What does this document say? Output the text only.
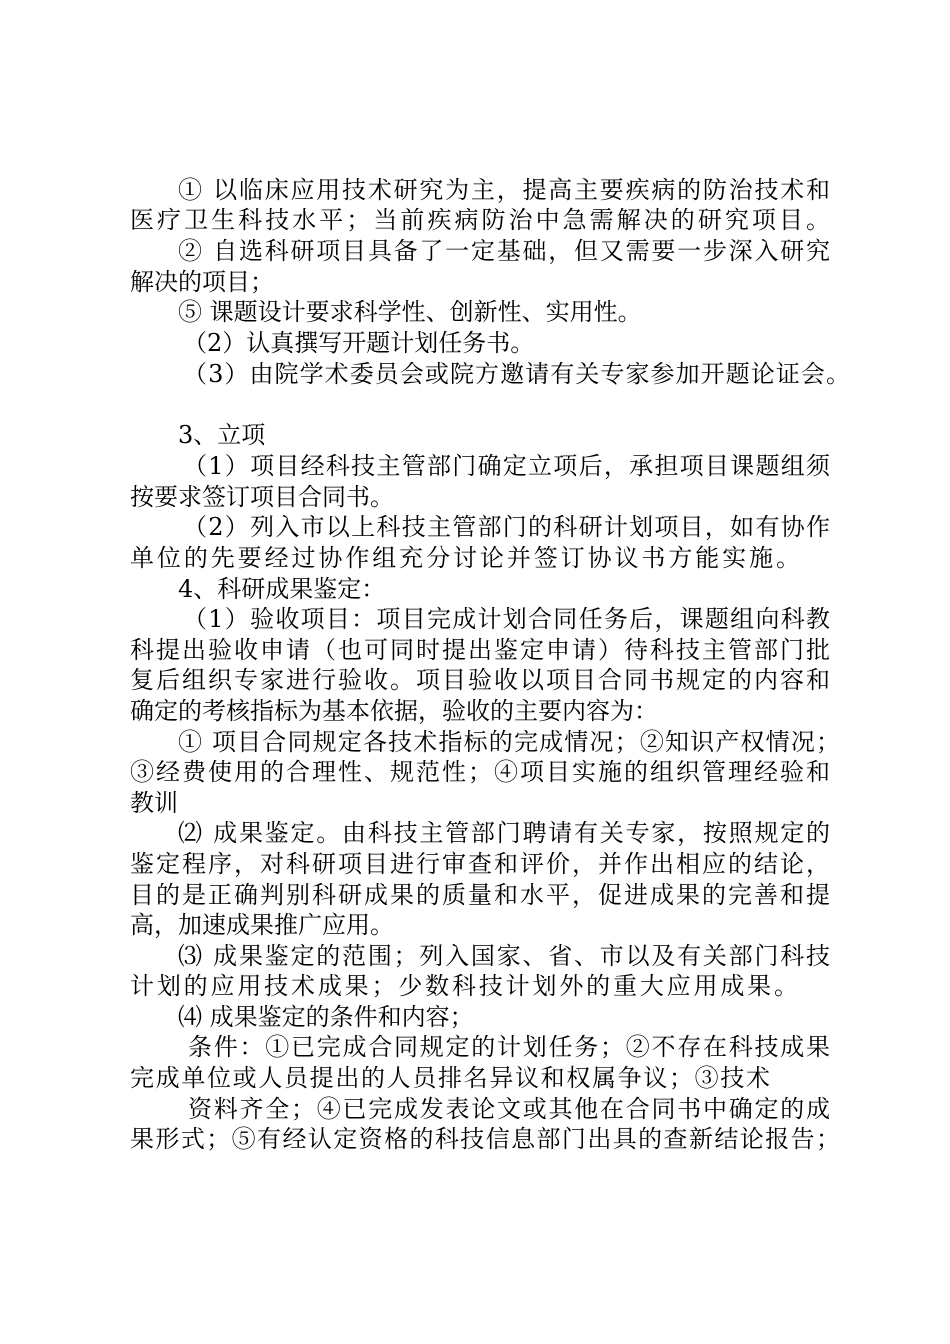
① 以临床应用技术研究为主，提高主要疾病的防治技术和
医疗卫生科技水平；当前疾病防治中急需解决的研究项目。
② 自选科研项目具备了一定基础，但又需要一步深入研究
解决的项目；
⑤ 课题设计要求科学性、创新性、实用性。
（2）认真撰写开题计划任务书。
（3）由院学术委员会或院方邀请有关专家参加开题论证会。
3、立项
（1）项目经科技主管部门确定立项后，承担项目课题组须
按要求签订项目合同书。
（2）列入市以上科技主管部门的科研计划项目，如有协作
单位的先要经过协作组充分讨论并签订协议书方能实施。
4、科研成果鉴定：
（1）验收项目：项目完成计划合同任务后，课题组向科教
科提出验收申请（也可同时提出鉴定申请）待科技主管部门批
复后组织专家进行验收。项目验收以项目合同书规定的内容和
确定的考核指标为基本依据，验收的主要内容为：
① 项目合同规定各技术指标的完成情况；②知识产权情况；
③经费使用的合理性、规范性；④项目实施的组织管理经验和
教训
⑵ 成果鉴定。由科技主管部门聘请有关专家，按照规定的
鉴定程序，对科研项目进行审查和评价，并作出相应的结论，
目的是正确判别科研成果的质量和水平，促进成果的完善和提
高，加速成果推广应用。
⑶ 成果鉴定的范围；列入国家、省、市以及有关部门科技
计划的应用技术成果；少数科技计划外的重大应用成果。
⑷ 成果鉴定的条件和内容；
条件：①已完成合同规定的计划任务；②不存在科技成果
完成单位或人员提出的人员排名异议和权属争议；③技术
资料齐全；④已完成发表论文或其他在合同书中确定的成
果形式；⑤有经认定资格的科技信息部门出具的查新结论报告；
